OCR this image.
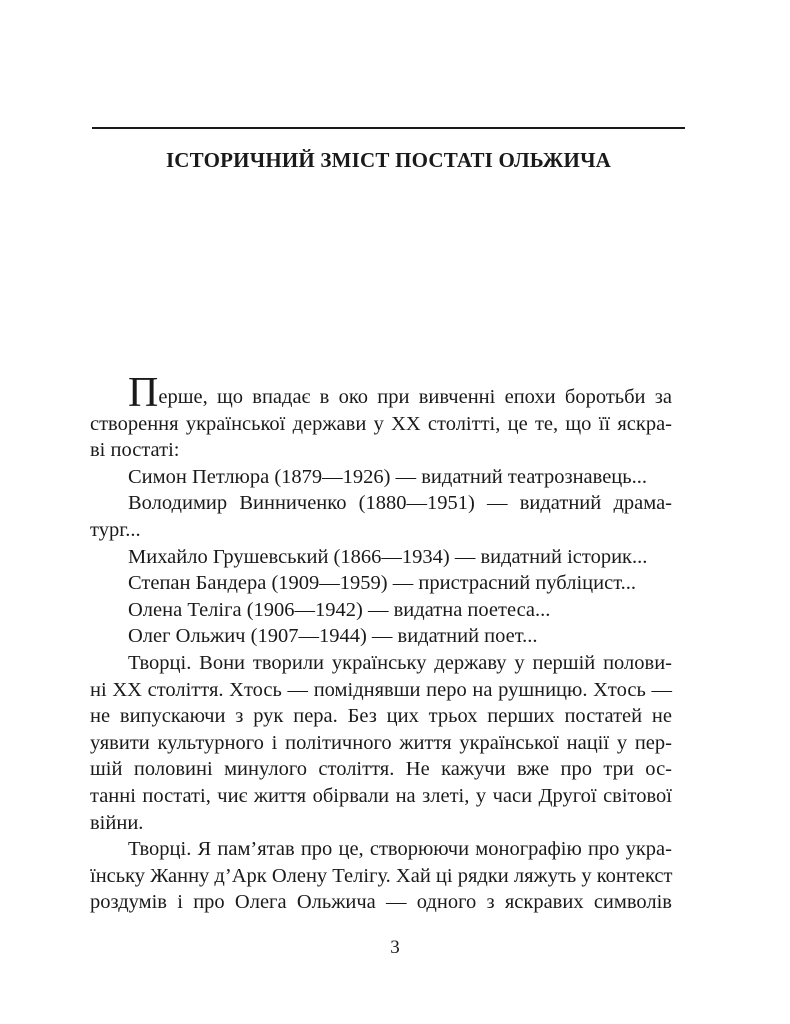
ІСТОРИЧНИЙ ЗМІСТ ПОСТАТІ ОЛЬЖИЧА
Перше, що впадає в око при вивченні епохи боротьби за
створення української держави у XX столітті, це те, що її яскра-
ві постаті:
Симон Петлюра (1879—1926) — видатний театрознавець...
Володимир Винниченко (1880—1951) — видатний драма-
тург...
Михайло Грушевський (1866—1934) — видатний історик...
Степан Бандера (1909—1959) — пристрасний публіцист...
Олена Теліга (1906—1942) — видатна поетеса...
Олег Ольжич (1907—1944) — видатний поет...
Творці. Вони творили українську державу у першій полови-
ні XX століття. Хтось — поміднявши перо на рушницю. Хтось —
не випускаючи з рук пера. Без цих трьох перших постатей не
уявити культурного і політичного життя української нації у пер-
шій половині минулого століття. Не кажучи вже про три ос-
танні постаті, чиє життя обірвали на злеті, у часи Другої світової
війни.
Творці. Я пам’ятав про це, створюючи монографію про укра-
їнську Жанну д’Арк Олену Телігу. Хай ці рядки ляжуть у контекст
роздумів і про Олега Ольжича — одного з яскравих символів
3
